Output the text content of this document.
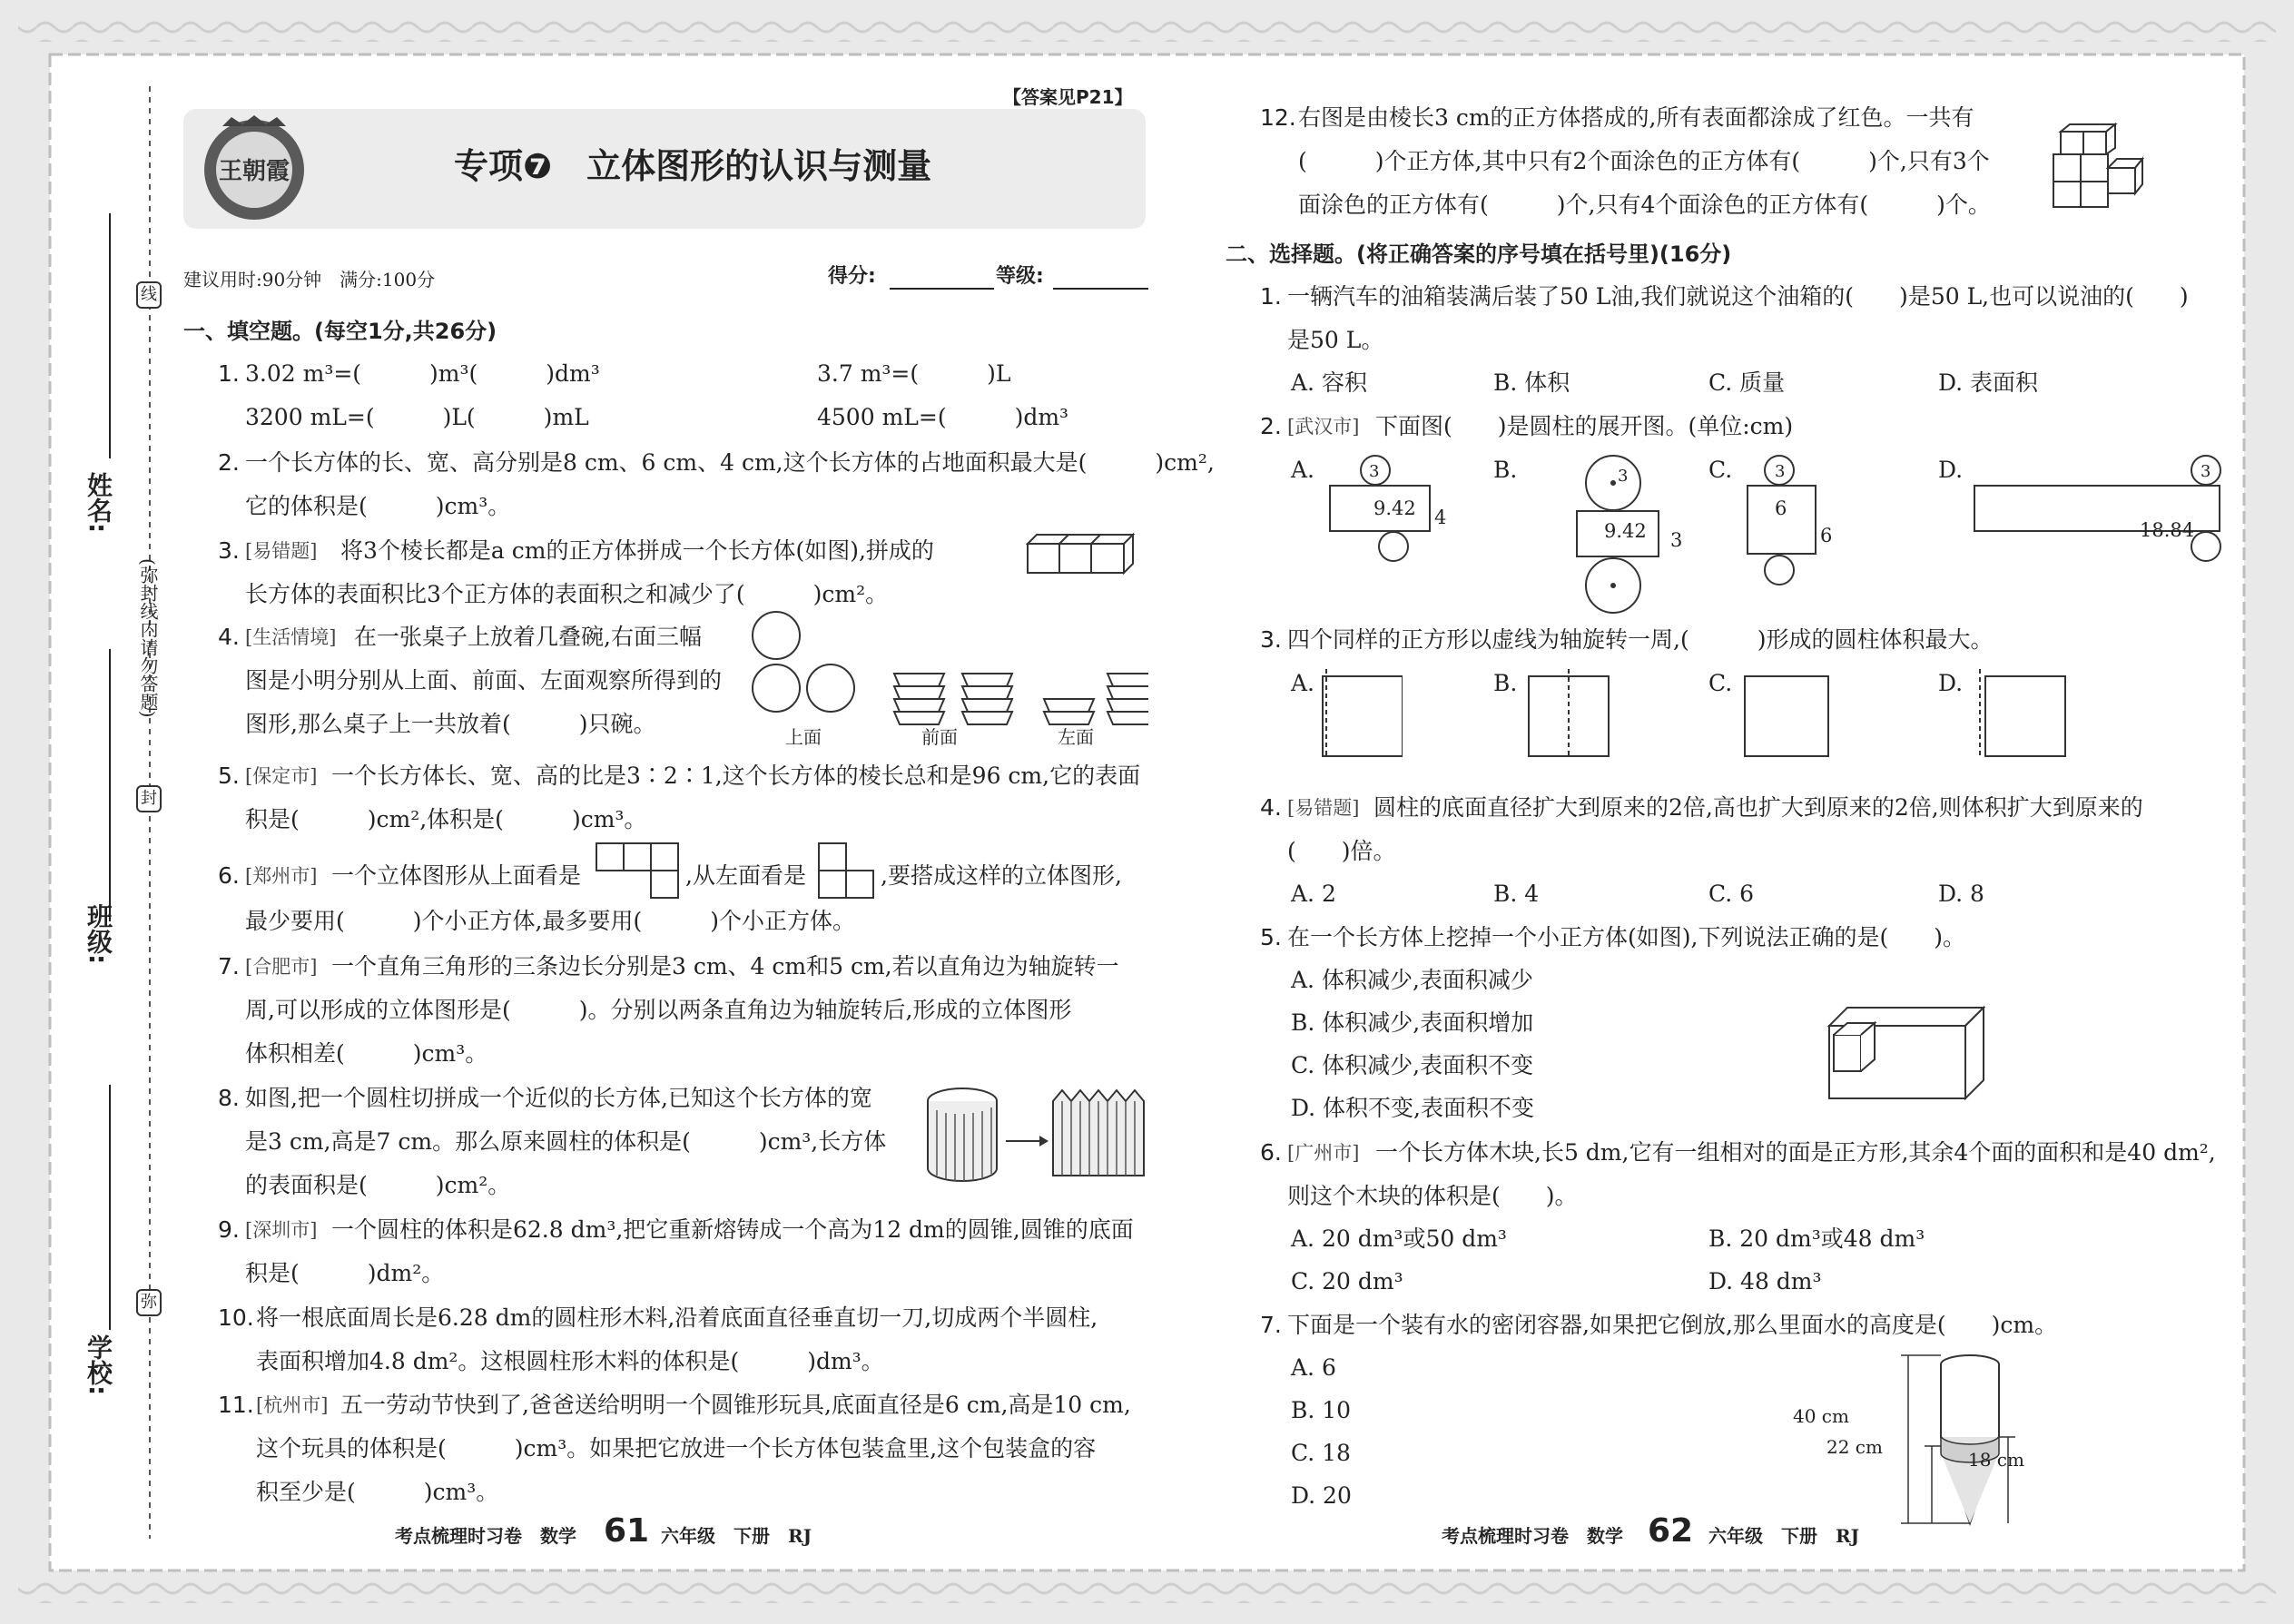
线
封
弥
(弥封线内请勿答题)
姓名:
班级:
学校:
【答案见P21】
王朝霞	专项❼　立体图形的认识与测量
建议用时:90分钟　满分:100分	得分:	等级:
一、填空题。(每空1分,共26分)
1. 3.02 m³=(　　　)m³(　　　)dm³	3.7 m³=(　　　)L
3200 mL=(　　　)L(　　　)mL	4500 mL=(　　　)dm³
2. 一个长方体的长、宽、高分别是8 cm、6 cm、4 cm,这个长方体的占地面积最大是(　　　)cm²,
它的体积是(　　　)cm³。
3. [易错题] 将3个棱长都是a cm的正方体拼成一个长方体(如图),拼成的
长方体的表面积比3个正方体的表面积之和减少了(　　　)cm²。
4. [生活情境] 在一张桌子上放着几叠碗,右面三幅
图是小明分别从上面、前面、左面观察所得到的
图形,那么桌子上一共放着(　　　)只碗。	上面	前面	左面
5. [保定市] 一个长方体长、宽、高的比是3∶2∶1,这个长方体的棱长总和是96 cm,它的表面
积是(　　　)cm²,体积是(　　　)cm³。
6. [郑州市] 一个立体图形从上面看是	,从左面看是	,要搭成这样的立体图形,
最少要用(　　　)个小正方体,最多要用(　　　)个小正方体。
7. [合肥市] 一个直角三角形的三条边长分别是3 cm、4 cm和5 cm,若以直角边为轴旋转一
周,可以形成的立体图形是(　　　)。分别以两条直角边为轴旋转后,形成的立体图形
体积相差(　　　)cm³。
8. 如图,把一个圆柱切拼成一个近似的长方体,已知这个长方体的宽
是3 cm,高是7 cm。那么原来圆柱的体积是(　　　)cm³,长方体
的表面积是(　　　)cm²。
9. [深圳市] 一个圆柱的体积是62.8 dm³,把它重新熔铸成一个高为12 dm的圆锥,圆锥的底面
积是(　　　)dm²。
10. 将一根底面周长是6.28 dm的圆柱形木料,沿着底面直径垂直切一刀,切成两个半圆柱,
表面积增加4.8 dm²。这根圆柱形木料的体积是(　　　)dm³。
11. [杭州市] 五一劳动节快到了,爸爸送给明明一个圆锥形玩具,底面直径是6 cm,高是10 cm,
这个玩具的体积是(　　　)cm³。如果把它放进一个长方体包装盒里,这个包装盒的容
积至少是(　　　)cm³。
考点梳理时习卷　数学 61 六年级　下册　RJ
12. 右图是由棱长3 cm的正方体搭成的,所有表面都涂成了红色。一共有
(　　　)个正方体,其中只有2个面涂色的正方体有(　　　)个,只有3个
面涂色的正方体有(　　　)个,只有4个面涂色的正方体有(　　　)个。
二、选择题。(将正确答案的序号填在括号里)(16分)
1. 一辆汽车的油箱装满后装了50 L油,我们就说这个油箱的(　　)是50 L,也可以说油的(　　)
是50 L。
A. 容积	B. 体积	C. 质量	D. 表面积
2. [武汉市] 下面图(　　)是圆柱的展开图。(单位:cm)
A.	3
9.42 4
B.	3
9.42 3
C.	3
6
6
D.	3
18.84
3. 四个同样的正方形以虚线为轴旋转一周,(　　　)形成的圆柱体积最大。
A.	B.	C.	D.
4. [易错题] 圆柱的底面直径扩大到原来的2倍,高也扩大到原来的2倍,则体积扩大到原来的
(　　)倍。
A. 2	B. 4	C. 6	D. 8
5. 在一个长方体上挖掉一个小正方体(如图),下列说法正确的是(　　)。
A. 体积减少,表面积减少
B. 体积减少,表面积增加
C. 体积减少,表面积不变
D. 体积不变,表面积不变
6. [广州市] 一个长方体木块,长5 dm,它有一组相对的面是正方形,其余4个面的面积和是40 dm²,
则这个木块的体积是(　　)。
A. 20 dm³或50 dm³	B. 20 dm³或48 dm³
C. 20 dm³	D. 48 dm³
7. 下面是一个装有水的密闭容器,如果把它倒放,那么里面水的高度是(　　)cm。
A. 6
B. 10
C. 18
D. 20
40 cm
22 cm
18 cm
考点梳理时习卷　数学 62 六年级　下册　RJ
